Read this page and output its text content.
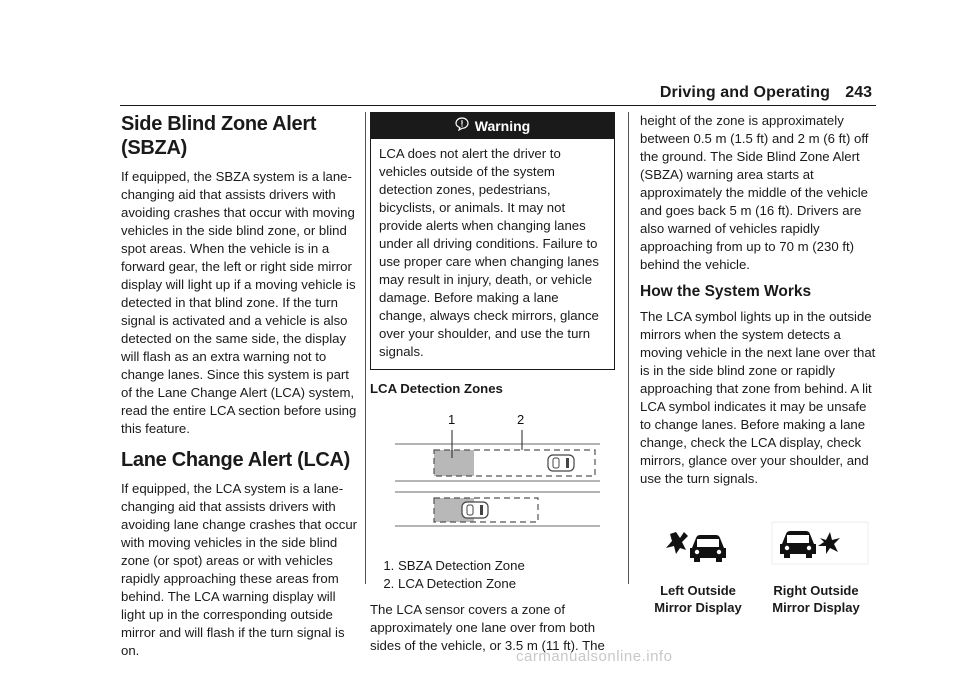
Driving and Operating 243
Side Blind Zone Alert (SBZA)

If equipped, the SBZA system is a lane-changing aid that assists drivers with avoiding crashes that occur with moving vehicles in the side blind zone, or blind spot areas. When the vehicle is in a forward gear, the left or right side mirror display will light up if a moving vehicle is detected in that blind zone. If the turn signal is activated and a vehicle is also detected on the same side, the display will flash as an extra warning not to change lanes. Since this system is part of the Lane Change Alert (LCA) system, read the entire LCA section before using this feature.

Lane Change Alert (LCA)

If equipped, the LCA system is a lane-changing aid that assists drivers with avoiding lane change crashes that occur with moving vehicles in the side blind zone (or spot) areas or with vehicles rapidly approaching these areas from behind. The LCA warning display will light up in the corresponding outside mirror and will flash if the turn signal is on.

Warning
LCA does not alert the driver to vehicles outside of the system detection zones, pedestrians, bicyclists, or animals. It may not provide alerts when changing lanes under all driving conditions. Failure to use proper care when changing lanes may result in injury, death, or vehicle damage. Before making a lane change, always check mirrors, glance over your shoulder, and use the turn signals.
LCA Detection Zones
1	2
1. SBZA Detection Zone
2. LCA Detection Zone

The LCA sensor covers a zone of approximately one lane over from both sides of the vehicle, or 3.5 m (11 ft). The

height of the zone is approximately between 0.5 m (1.5 ft) and 2 m (6 ft) off the ground. The Side Blind Zone Alert (SBZA) warning area starts at approximately the middle of the vehicle and goes back 5 m (16 ft). Drivers are also warned of vehicles rapidly approaching from up to 70 m (230 ft) behind the vehicle.

How the System Works

The LCA symbol lights up in the outside mirrors when the system detects a moving vehicle in the next lane over that is in the side blind zone or rapidly approaching that zone from behind. A lit LCA symbol indicates it may be unsafe to change lanes. Before making a lane change, check the LCA display, check mirrors, glance over your shoulder, and use the turn signals.

Left Outside Mirror Display
Right Outside Mirror Display
carmanualsonline.info
